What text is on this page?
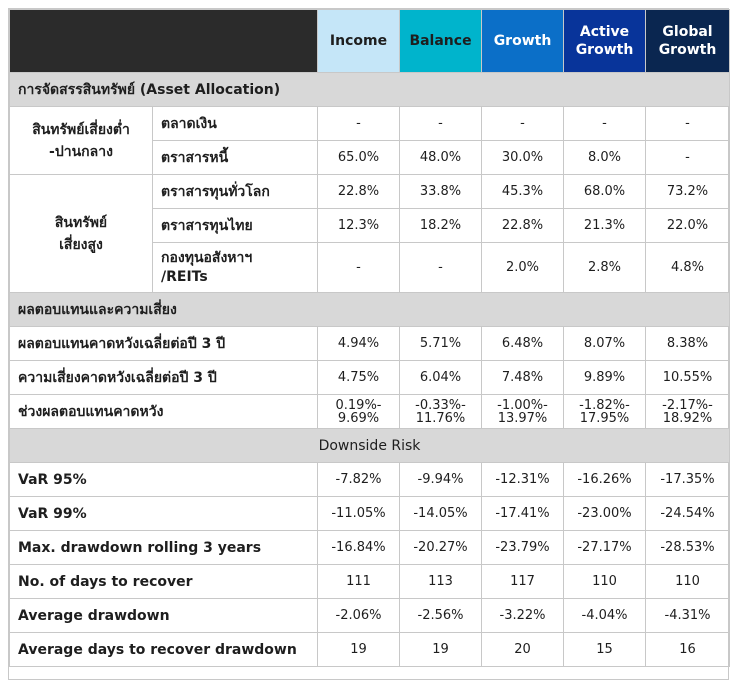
		Income	Balance	Growth	Active Growth	Global Growth
การจัดสรรสินทรัพย์ (Asset Allocation)						

สินทรัพย์เสี่ยงต่ำ -ปานกลาง	ตลาดเงิน	-	-	-	-	-
	ตราสารหนี้	65.0%	48.0%	30.0%	8.0%	-

สินทรัพย์เสี่ยงสูง	ตราสารทุนทั่วโลก	22.8%	33.8%	45.3%	68.0%	73.2%
	ตราสารทุนไทย	12.3%	18.2%	22.8%	21.3%	22.0%

	กองทุนอสังหาฯ /REITs	-	-	2.0%	2.8%	4.8%
ผลตอบแทนและความเสี่ยง						
ผลตอบแทนคาดหวังเฉลี่ยต่อปี 3 ปี		4.94%	5.71%	6.48%	8.07%	8.38%
ความเสี่ยงคาดหวังเฉลี่ยต่อปี 3 ปี		4.75%	6.04%	7.48%	9.89%	10.55%
ช่วงผลตอบแทนคาดหวัง		0.19%-9.69%	-0.33%-11.76%	-1.00%-13.97%	-1.82%-17.95%	-2.17%-18.92%

Downside Risk						
VaR 95%		-7.82%	-9.94%	-12.31%	-16.26%	-17.35%
VaR 99%		-11.05%	-14.05%	-17.41%	-23.00%	-24.54%
Max. drawdown rolling 3 years		-16.84%	-20.27%	-23.79%	-27.17%	-28.53%
No. of days to recover		111	113	117	110	110
Average drawdown		-2.06%	-2.56%	-3.22%	-4.04%	-4.31%
Average days to recover drawdown		19	19	20	15	16
